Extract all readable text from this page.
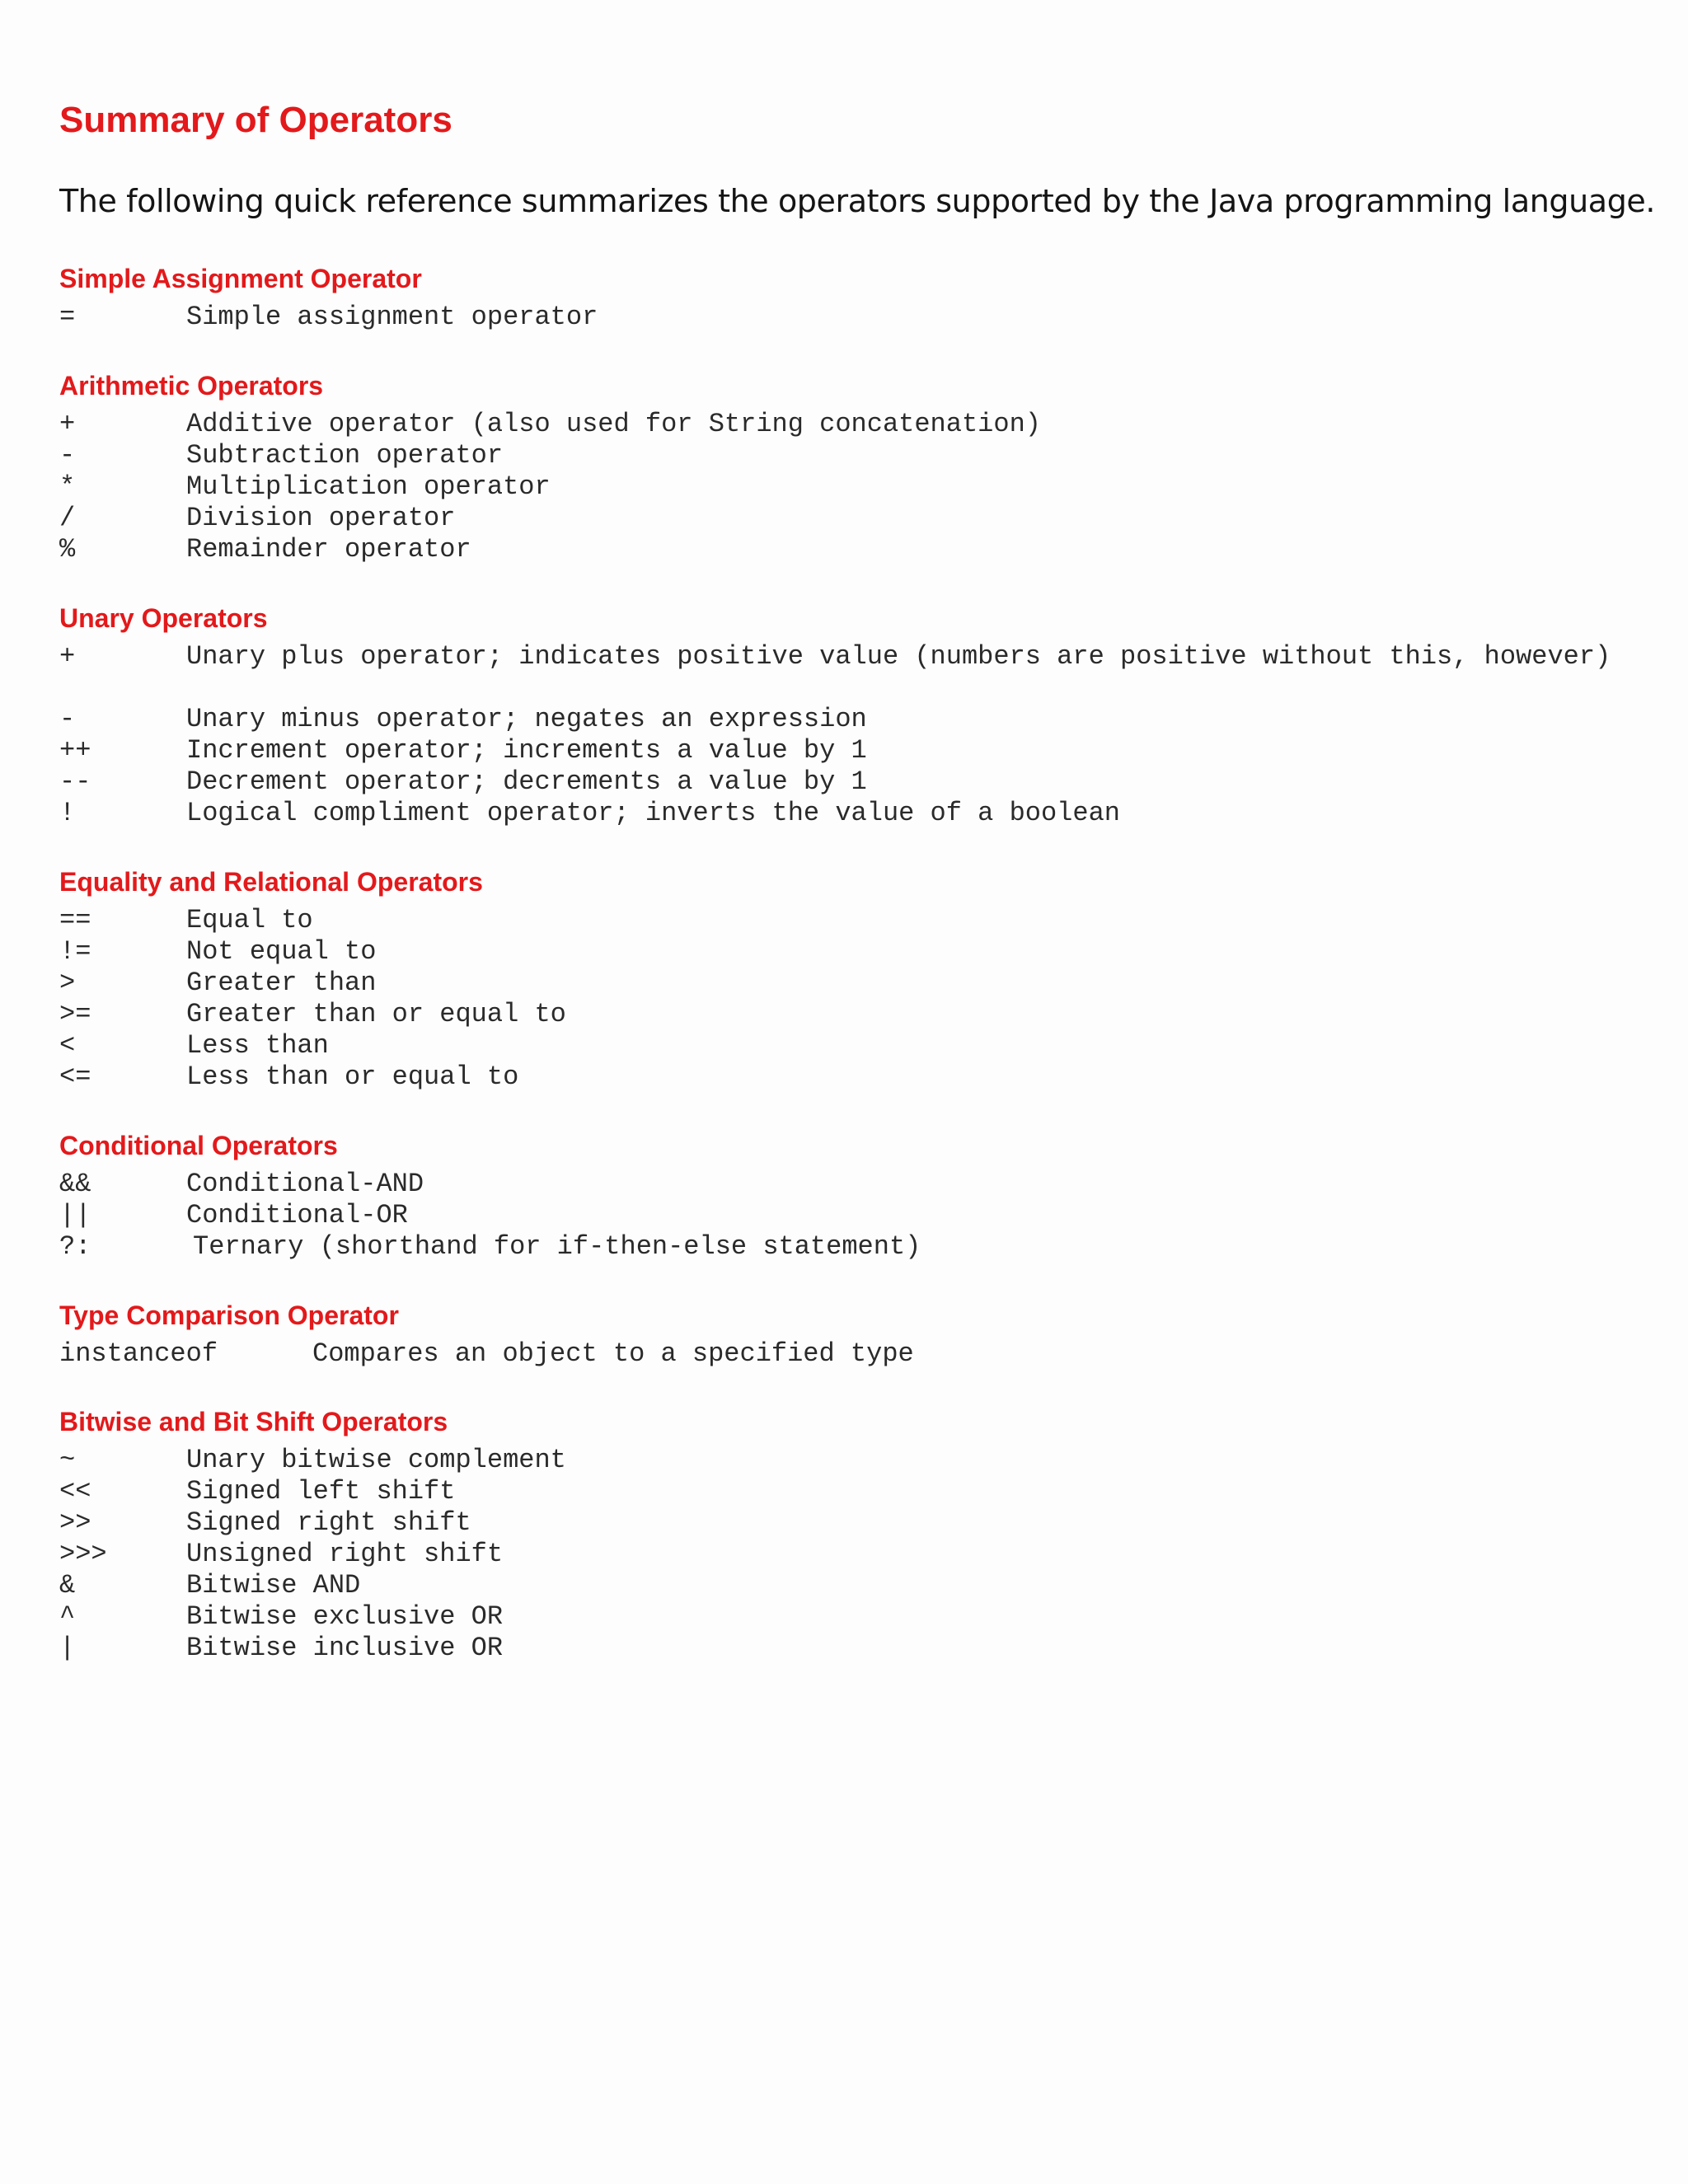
Summary of Operators

The following quick reference summarizes the operators supported by the Java programming language.

Simple Assignment Operator
=	Simple assignment operator
Arithmetic Operators
+	Additive operator (also used for String concatenation)
-	Subtraction operator
*	Multiplication operator
/	Division operator
%	Remainder operator
Unary Operators
+	Unary plus operator; indicates positive value (numbers are positive without this, however)
-	Unary minus operator; negates an expression
++	Increment operator; increments a value by 1
--	Decrement operator; decrements a value by 1
!	Logical compliment operator; inverts the value of a boolean
Equality and Relational Operators
==	Equal to
!=	Not equal to
>	Greater than
>=	Greater than or equal to
<	Less than
<=	Less than or equal to
Conditional Operators
&&	Conditional-AND
||	Conditional-OR
?:	Ternary (shorthand for if-then-else statement)
Type Comparison Operator
instanceof	Compares an object to a specified type
Bitwise and Bit Shift Operators
~	Unary bitwise complement
<<	Signed left shift
>>	Signed right shift
>>>	Unsigned right shift
&	Bitwise AND
^	Bitwise exclusive OR
|	Bitwise inclusive OR
